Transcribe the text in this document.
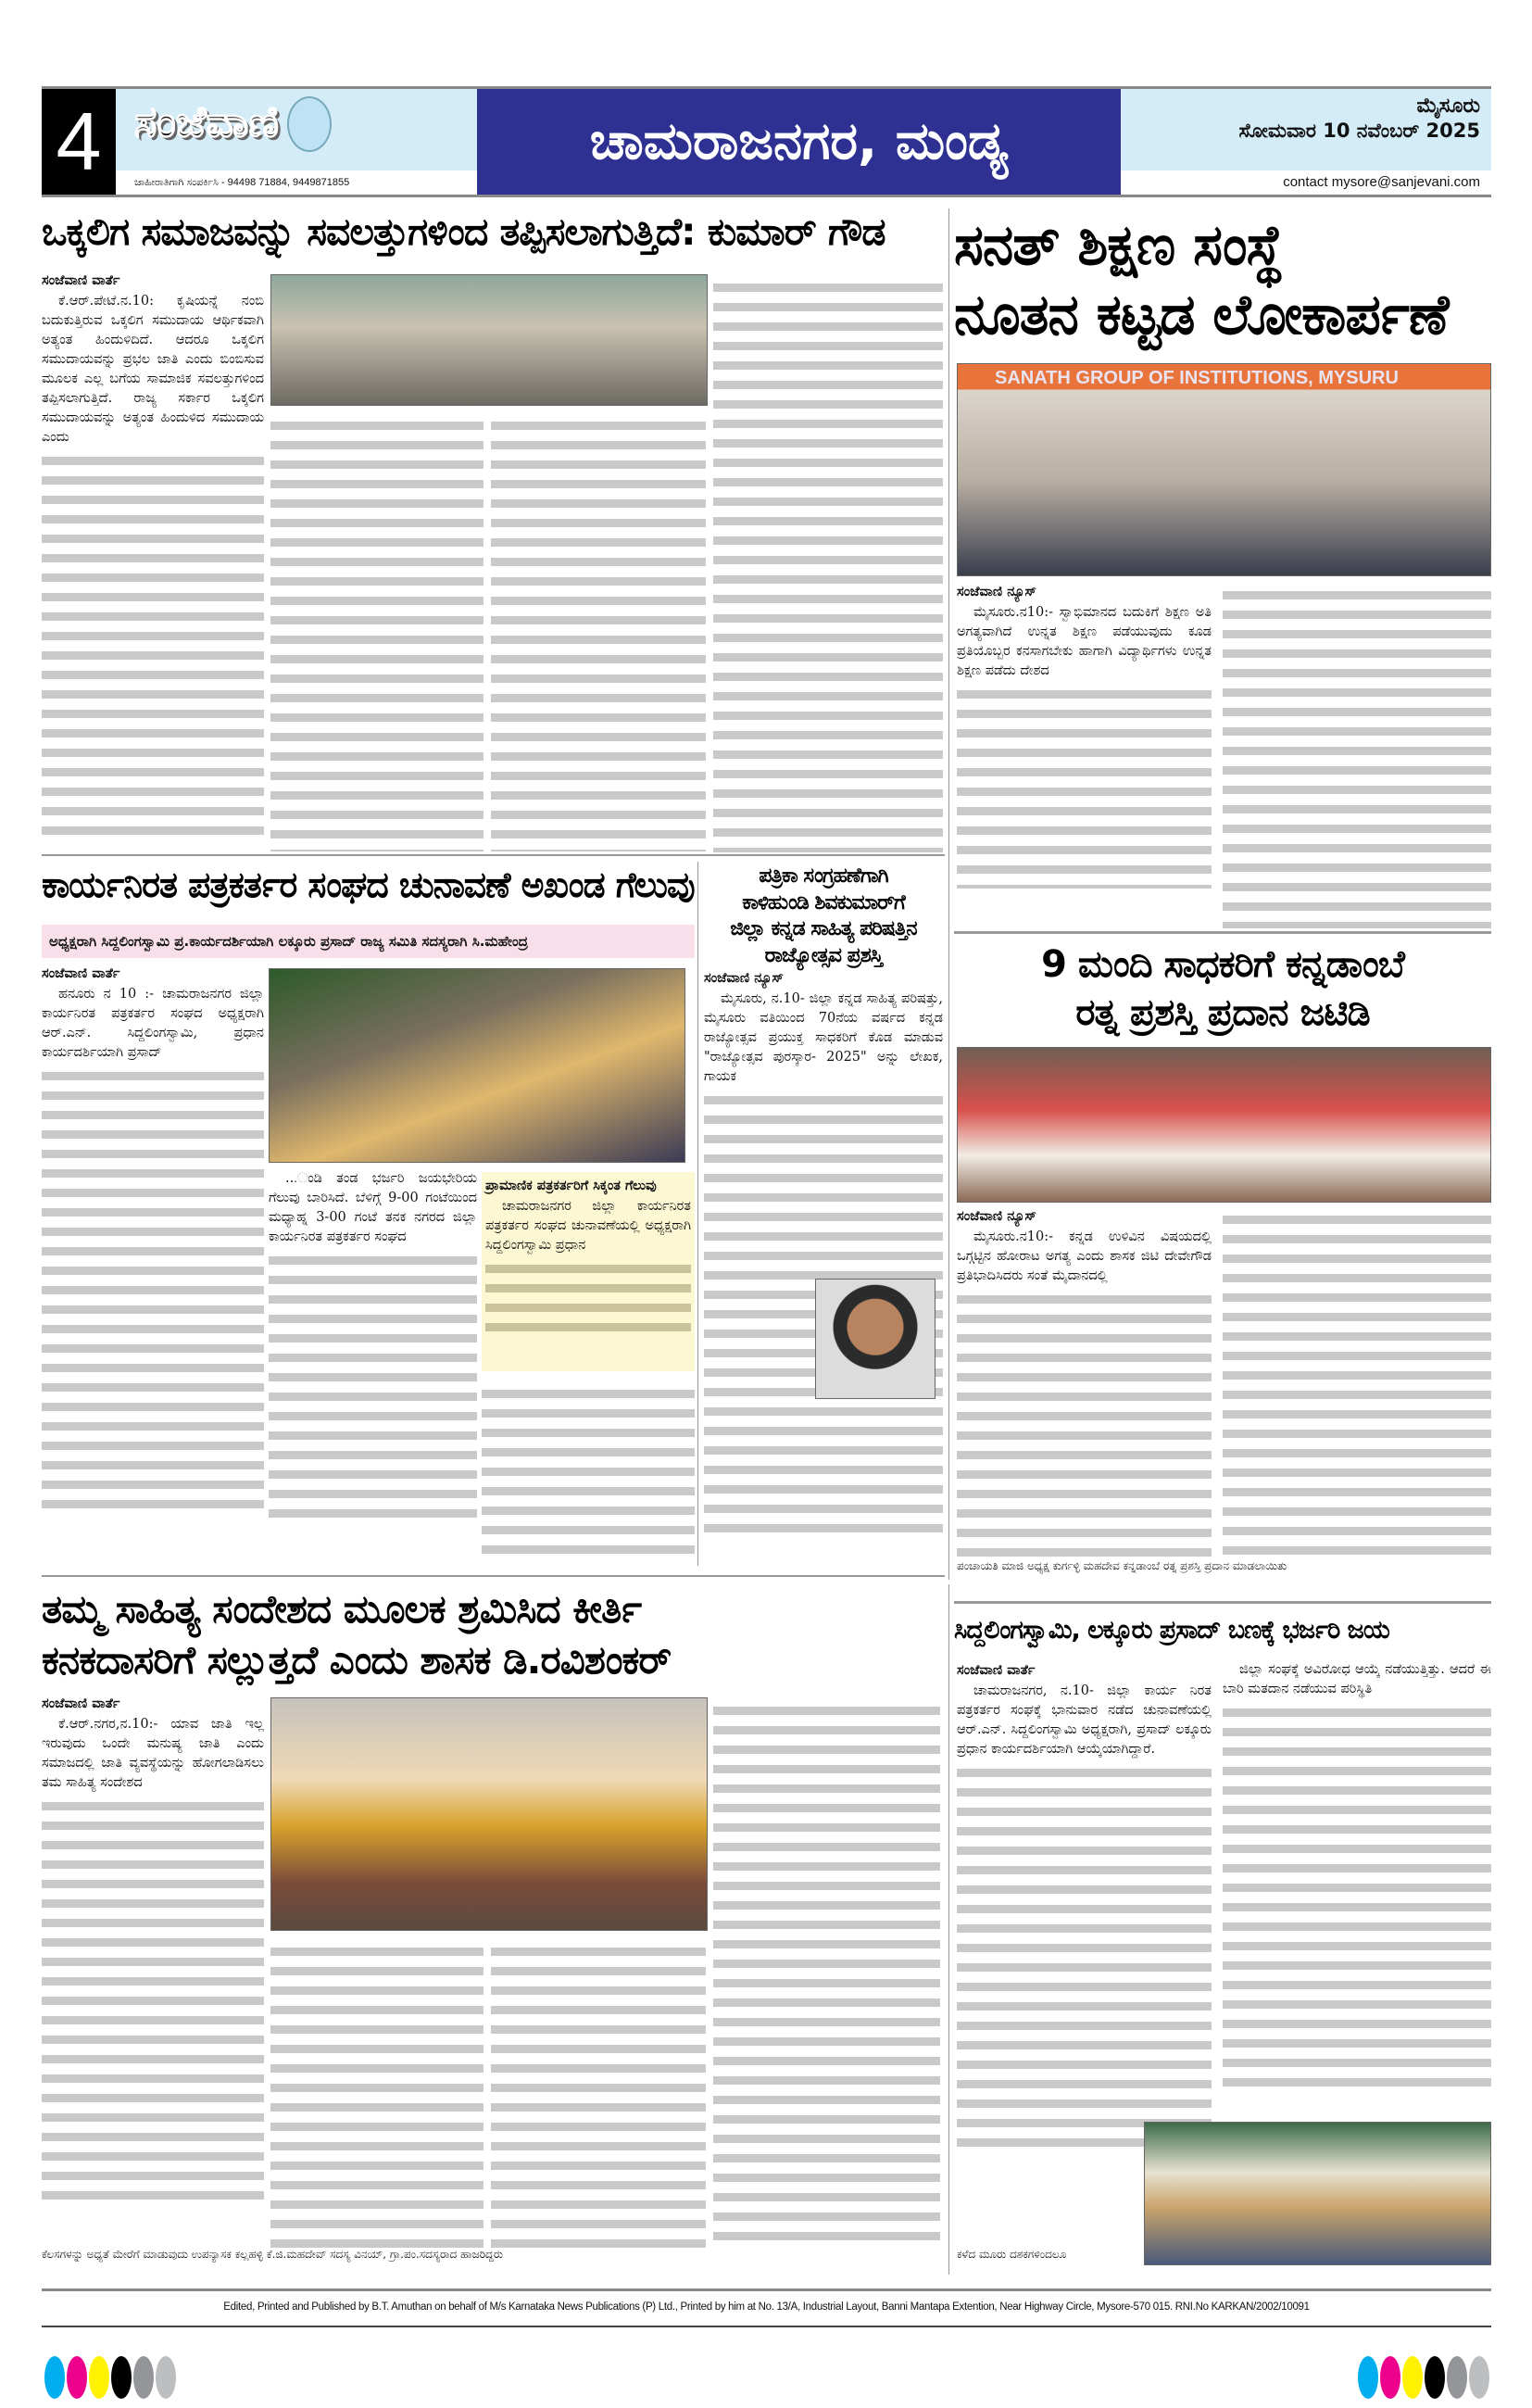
4 ಸಂಜೆವಾಣಿ
ಜಾಹೀರಾತಿಗಾಗಿ ಸಂಪರ್ಕಿಸಿ - 94498 71884, 9449871855
ಚಾಮರಾಜನಗರ, ಮಂಡ್ಯ
ಮೈಸೂರು
ಸೋಮವಾರ 10 ನವೆಂಬರ್ 2025
contact mysore@sanjevani.com
ಒಕ್ಕಲಿಗ ಸಮಾಜವನ್ನು ಸವಲತ್ತುಗಳಿಂದ ತಪ್ಪಿಸಲಾಗುತ್ತಿದೆ: ಕುಮಾರ್ ಗೌಡ
ಸಂಜೆವಾಣಿ ವಾರ್ತೆ

ಕೆ.ಆರ್.ಪೇಟೆ.ನ.10: ಕೃಷಿಯನ್ನೆ ನಂಬಿ ಬದುಕುತ್ತಿರುವ ಒಕ್ಕಲಿಗ ಸಮುದಾಯ ಆರ್ಥಿಕವಾಗಿ ಅತ್ಯಂತ ಹಿಂದುಳಿದಿದೆ. ಆದರೂ ಒಕ್ಕಲಿಗ ಸಮುದಾಯವನ್ನು ಪ್ರಭಲ ಜಾತಿ ಎಂದು ಬಿಂಬಿಸುವ ಮೂಲಕ ಎಲ್ಲ ಬಗೆಯ ಸಾಮಾಜಿಕ ಸವಲತ್ತುಗಳಿಂದ ತಪ್ಪಿಸಲಾಗುತ್ತಿದೆ. ರಾಜ್ಯ ಸರ್ಕಾರ ಒಕ್ಕಲಿಗ ಸಮುದಾಯವನ್ನು ಅತ್ಯಂತ ಹಿಂದುಳಿದ ಸಮುದಾಯ ಎಂದು

ಸನತ್ ಶಿಕ್ಷಣ ಸಂಸ್ಥೆ
ನೂತನ ಕಟ್ಟಡ ಲೋಕಾರ್ಪಣೆ
SANATH GROUP OF INSTITUTIONS, MYSURU
ಸಂಜೆವಾಣಿ ನ್ಯೂಸ್

ಮೈಸೂರು.ನ10:- ಸ್ವಾಭಿಮಾನದ ಬದುಕಿಗೆ ಶಿಕ್ಷಣ ಅತಿ ಅಗತ್ಯವಾಗಿದೆ ಉನ್ನತ ಶಿಕ್ಷಣ ಪಡೆಯುವುದು ಕೂಡ ಪ್ರತಿಯೊಬ್ಬರ ಕನಸಾಗಬೇಕು ಹಾಗಾಗಿ ವಿದ್ಯಾರ್ಥಿಗಳು ಉನ್ನತ ಶಿಕ್ಷಣ ಪಡೆದು ದೇಶದ

9 ಮಂದಿ ಸಾಧಕರಿಗೆ ಕನ್ನಡಾಂಬೆ
ರತ್ನ ಪ್ರಶಸ್ತಿ ಪ್ರದಾನ ಜಟಿಡಿ
ಸಂಜೆವಾಣಿ ನ್ಯೂಸ್

ಮೈಸೂರು.ನ10:- ಕನ್ನಡ ಉಳಿವಿನ ವಿಷಯದಲ್ಲಿ ಒಗ್ಗಟ್ಟಿನ ಹೋರಾಟ ಅಗತ್ಯ ಎಂದು ಶಾಸಕ ಜಿಟಿ ದೇವೇಗೌಡ ಪ್ರತಿಭಾದಿಸಿದರು ಸಂತೆ ಮೈದಾನದಲ್ಲಿ

ಪಂಚಾಯತಿ ಮಾಜಿ ಅಧ್ಯಕ್ಷ ಕುರ್ಗಳ್ಳಿ ಮಹದೇವ ಕನ್ನಡಾಂಬೆ ರತ್ನ ಪ್ರಶಸ್ತಿ ಪ್ರದಾನ ಮಾಡಲಾಯಿತು
ಕಾರ್ಯನಿರತ ಪತ್ರಕರ್ತರ ಸಂಘದ ಚುನಾವಣೆ ಅಖಂಡ ಗೆಲುವು
ಅಧ್ಯಕ್ಷರಾಗಿ ಸಿದ್ದಲಿಂಗಸ್ವಾಮಿ ಪ್ರ.ಕಾರ್ಯದರ್ಶಿಯಾಗಿ ಲಕ್ಕೂರು ಪ್ರಸಾದ್ ರಾಜ್ಯ ಸಮಿತಿ ಸದಸ್ಯರಾಗಿ ಸಿ.ಮಹೇಂದ್ರ
ಸಂಜೆವಾಣಿ ವಾರ್ತೆ

ಹನೂರು ನ 10 :- ಚಾಮರಾಜನಗರ ಜಿಲ್ಲಾ ಕಾರ್ಯನಿರತ ಪತ್ರಕರ್ತರ ಸಂಘದ ಅಧ್ಯಕ್ಷರಾಗಿ ಆರ್.ಎನ್. ಸಿದ್ದಲಿಂಗಸ್ವಾಮಿ, ಪ್ರಧಾನ ಕಾರ್ಯದರ್ಶಿಯಾಗಿ ಪ್ರಸಾದ್

...ಂಡಿ ತಂಡ ಭರ್ಜರಿ ಜಯಭೇರಿಯ ಗೆಲುವು ಬಾರಿಸಿದೆ. ಬೆಳಿಗ್ಗೆ 9-00 ಗಂಟೆಯಿಂದ ಮಧ್ಯಾಹ್ನ 3-00 ಗಂಟೆ ತನಕ ನಗರದ ಜಿಲ್ಲಾ ಕಾರ್ಯನಿರತ ಪತ್ರಕರ್ತರ ಸಂಘದ

ಪ್ರಾಮಾಣಿಕ ಪತ್ರಕರ್ತರಿಗೆ ಸಿಕ್ಕಂತ ಗೆಲುವು

ಚಾಮರಾಜನಗರ ಜಿಲ್ಲಾ ಕಾರ್ಯನಿರತ ಪತ್ರಕರ್ತರ ಸಂಘದ ಚುನಾವಣೆಯಲ್ಲಿ ಅಧ್ಯಕ್ಷರಾಗಿ ಸಿದ್ದಲಿಂಗಸ್ವಾಮಿ ಪ್ರಧಾನ

ಪತ್ರಿಕಾ ಸಂಗ್ರಹಣೆಗಾಗಿ
ಕಾಳಿಹುಂಡಿ ಶಿವಕುಮಾರ್‌ಗೆ
ಜಿಲ್ಲಾ ಕನ್ನಡ ಸಾಹಿತ್ಯ ಪರಿಷತ್ತಿನ
ರಾಜ್ಯೋತ್ಸವ ಪ್ರಶಸ್ತಿ
ಸಂಜೆವಾಣಿ ನ್ಯೂಸ್

ಮೈಸೂರು, ನ.10- ಜಿಲ್ಲಾ ಕನ್ನಡ ಸಾಹಿತ್ಯ ಪರಿಷತ್ತು, ಮೈಸೂರು ವತಿಯಿಂದ 70ನೆಯ ವರ್ಷದ ಕನ್ನಡ ರಾಜ್ಯೋತ್ಸವ ಪ್ರಯುಕ್ತ ಸಾಧಕರಿಗೆ ಕೊಡ ಮಾಡುವ "ರಾಜ್ಯೋತ್ಸವ ಪುರಸ್ಕಾರ- 2025" ಅನ್ನು ಲೇಖಕ, ಗಾಯಕ

ತಮ್ಮ ಸಾಹಿತ್ಯ ಸಂದೇಶದ ಮೂಲಕ ಶ್ರಮಿಸಿದ ಕೀರ್ತಿ
ಕನಕದಾಸರಿಗೆ ಸಲ್ಲುತ್ತದೆ ಎಂದು ಶಾಸಕ ಡಿ.ರವಿಶಂಕರ್
ಸಂಜೆವಾಣಿ ವಾರ್ತೆ

ಕೆ.ಆರ್.ನಗರ,ನ.10:- ಯಾವ ಜಾತಿ ಇಲ್ಲ ಇರುವುದು ಒಂದೇ ಮನುಷ್ಯ ಜಾತಿ ಎಂದು ಸಮಾಜದಲ್ಲಿ ಜಾತಿ ವ್ಯವಸ್ಥೆಯನ್ನು ಹೋಗಲಾಡಿಸಲು ತಮ ಸಾಹಿತ್ಯ ಸಂದೇಶದ

ಕೆಲಸಗಳನ್ನು ಅಧ್ಯತೆ ಮೇರೆಗೆ ಮಾಡುವುದು ಉಪನ್ಯಾಸಕ ಕಲ್ಲಹಳ್ಳಿ ಕೆ.ಜಿ.ಮಹದೇವ್ ಸದಸ್ಯ ವಿನಯ್, ಗ್ರಾ.ಪಂ.ಸದಸ್ಯರಾದ ಹಾಜರಿದ್ದರು
ಸಿದ್ದಲಿಂಗಸ್ವಾಮಿ, ಲಕ್ಕೂರು ಪ್ರಸಾದ್ ಬಣಕ್ಕೆ ಭರ್ಜರಿ ಜಯ
ಸಂಜೆವಾಣಿ ವಾರ್ತೆ

ಚಾಮರಾಜನಗರ, ನ.10- ಜಿಲ್ಲಾ ಕಾರ್ಯ ನಿರತ ಪತ್ರಕರ್ತರ ಸಂಘಕ್ಕೆ ಭಾನುವಾರ ನಡೆದ ಚುನಾವಣೆಯಲ್ಲಿ ಆರ್.ಎನ್. ಸಿದ್ದಲಿಂಗಸ್ವಾಮಿ ಅಧ್ಯಕ್ಷರಾಗಿ, ಪ್ರಸಾದ್ ಲಕ್ಕೂರು ಪ್ರಧಾನ ಕಾರ್ಯದರ್ಶಿಯಾಗಿ ಆಯ್ಕೆಯಾಗಿದ್ದಾರೆ.

ಜಿಲ್ಲಾ ಸಂಘಕ್ಕೆ ಅವಿರೋಧ ಆಯ್ಕೆ ನಡೆಯುತ್ತಿತ್ತು. ಆದರೆ ಈ ಬಾರಿ ಮತದಾನ ನಡೆಯುವ ಪರಿಸ್ಥಿತಿ

ಕಳೆದ ಮೂರು ದಶಕಗಳಿಂದಲೂ
Edited, Printed and Published by B.T. Amuthan on behalf of M/s Karnataka News Publications (P) Ltd., Printed by him at No. 13/A, Industrial Layout, Banni Mantapa Extention, Near Highway Circle, Mysore-570 015. RNI.No KARKAN/2002/10091
